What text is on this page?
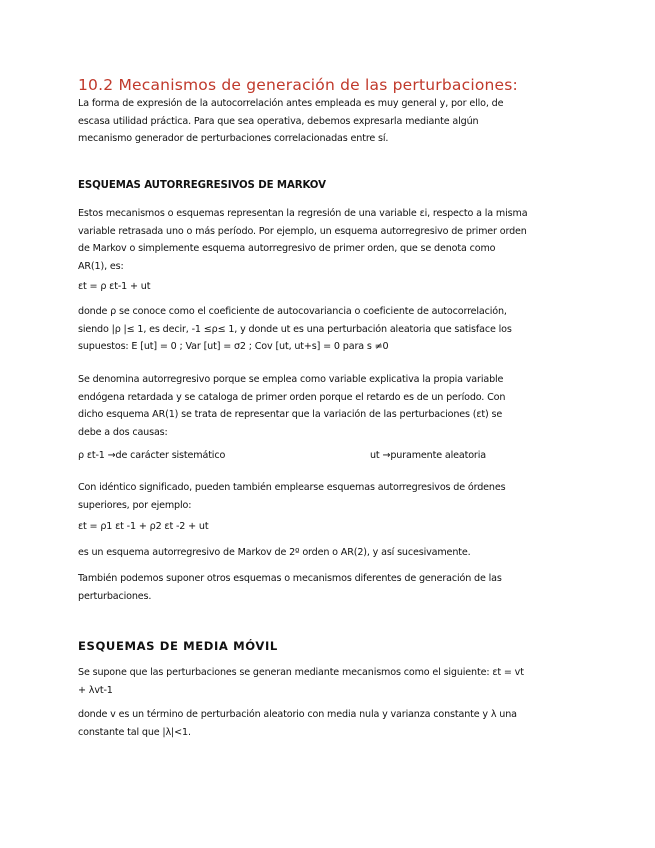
10.2 Mecanismos de generación de las perturbaciones:
La forma de expresión de la autocorrelación antes empleada es muy general y, por ello, de
escasa utilidad práctica. Para que sea operativa, debemos expresarla mediante algún
mecanismo generador de perturbaciones correlacionadas entre sí.
ESQUEMAS AUTORREGRESIVOS DE MARKOV
Estos mecanismos o esquemas representan la regresión de una variable εi, respecto a la misma
variable retrasada uno o más período. Por ejemplo, un esquema autorregresivo de primer orden
de Markov o simplemente esquema autorregresivo de primer orden, que se denota como
AR(1), es:
εt = ρ εt-1 + ut
donde ρ se conoce como el coeficiente de autocovariancia o coeficiente de autocorrelación,
siendo |ρ |≤ 1, es decir, -1 ≤ρ≤ 1, y donde ut es una perturbación aleatoria que satisface los
supuestos: E [ut] = 0 ; Var [ut] = σ2 ; Cov [ut, ut+s] = 0 para s ≠0
Se denomina autorregresivo porque se emplea como variable explicativa la propia variable
endógena retardada y se cataloga de primer orden porque el retardo es de un período. Con
dicho esquema AR(1) se trata de representar que la variación de las perturbaciones (εt) se
debe a dos causas:
ρ εt-1 →de carácter sistemático	ut →puramente aleatoria
Con idéntico significado, pueden también emplearse esquemas autorregresivos de órdenes
superiores, por ejemplo:
εt = ρ1 εt -1 + ρ2 εt -2 + ut
es un esquema autorregresivo de Markov de 2º orden o AR(2), y así sucesivamente.
También podemos suponer otros esquemas o mecanismos diferentes de generación de las
perturbaciones.
ESQUEMAS DE MEDIA MÓVIL
Se supone que las perturbaciones se generan mediante mecanismos como el siguiente: εt = vt
+ λvt-1
donde v es un término de perturbación aleatorio con media nula y varianza constante y λ una
constante tal que |λ|<1.
